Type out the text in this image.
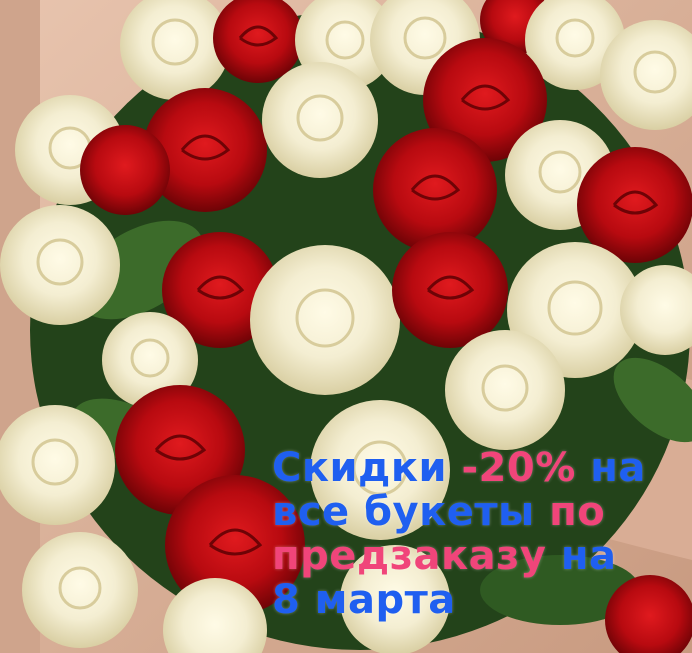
Скидки -20% на
все букеты по
предзаказу на
8 марта
